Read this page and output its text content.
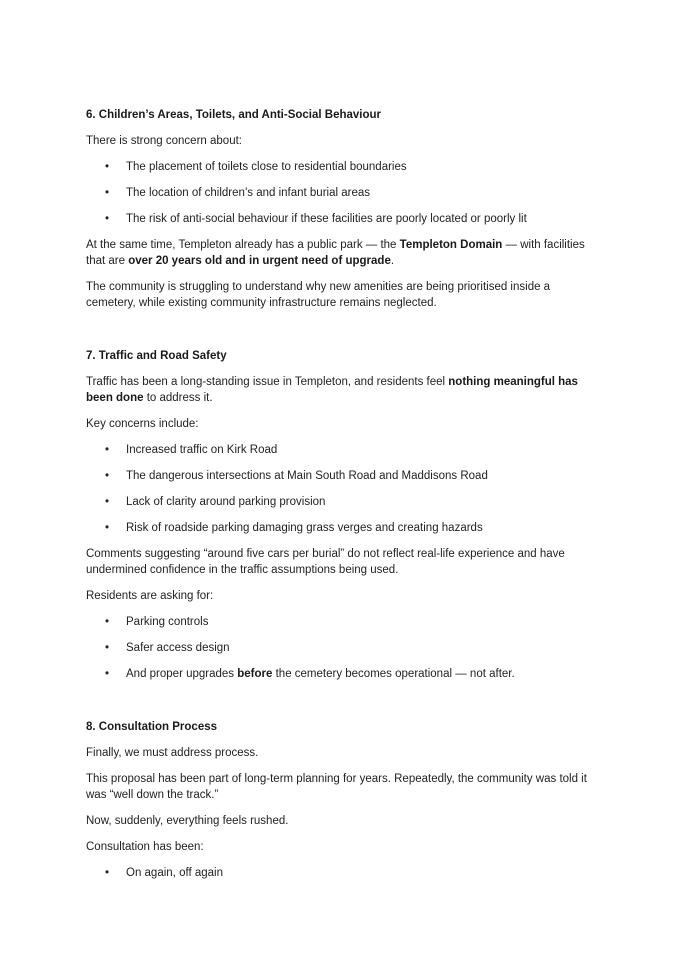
6. Children’s Areas, Toilets, and Anti-Social Behaviour

There is strong concern about:

• The placement of toilets close to residential boundaries
• The location of children’s and infant burial areas
• The risk of anti-social behaviour if these facilities are poorly located or poorly lit

At the same time, Templeton already has a public park — the Templeton Domain — with facilities that are over 20 years old and in urgent need of upgrade.

The community is struggling to understand why new amenities are being prioritised inside a cemetery, while existing community infrastructure remains neglected.

7. Traffic and Road Safety

Traffic has been a long-standing issue in Templeton, and residents feel nothing meaningful has been done to address it.

Key concerns include:

• Increased traffic on Kirk Road
• The dangerous intersections at Main South Road and Maddisons Road
• Lack of clarity around parking provision
• Risk of roadside parking damaging grass verges and creating hazards

Comments suggesting “around five cars per burial” do not reflect real-life experience and have undermined confidence in the traffic assumptions being used.

Residents are asking for:

• Parking controls
• Safer access design
• And proper upgrades before the cemetery becomes operational — not after.

8. Consultation Process

Finally, we must address process.

This proposal has been part of long-term planning for years. Repeatedly, the community was told it was “well down the track.”

Now, suddenly, everything feels rushed.

Consultation has been:

• On again, off again
